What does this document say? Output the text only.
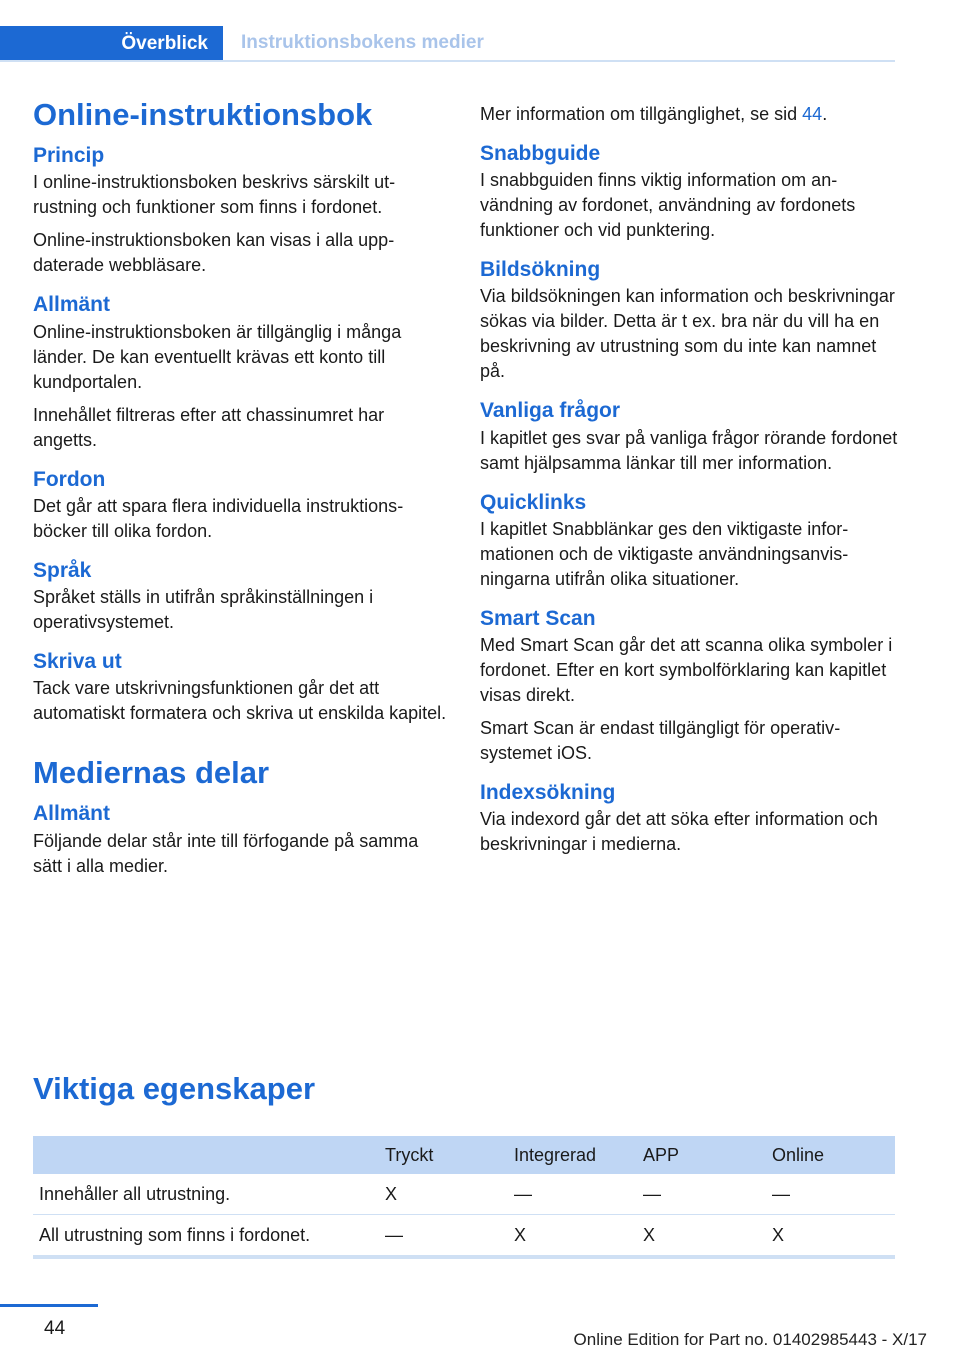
Överblick	Instruktionsbokens medier
Online-instruktionsbok
Princip

I online-instruktionsboken beskrivs särskilt utrustning och funktioner som finns i fordonet.

Online-instruktionsboken kan visas i alla uppdaterade webbläsare.

Allmänt

Online-instruktionsboken är tillgänglig i många länder. De kan eventuellt krävas ett konto till kundportalen.

Innehållet filtreras efter att chassinumret har angetts.

Fordon

Det går att spara flera individuella instruktionsböcker till olika fordon.

Språk

Språket ställs in utifrån språkinställningen i operativsystemet.

Skriva ut

Tack vare utskrivningsfunktionen går det att automatiskt formatera och skriva ut enskilda kapitel.

Mediernas delar
Allmänt

Följande delar står inte till förfogande på samma sätt i alla medier.

Mer information om tillgänglighet, se sid 44.

Snabbguide

I snabbguiden finns viktig information om användning av fordonet, användning av fordonets funktioner och vid punktering.

Bildsökning

Via bildsökningen kan information och beskrivningar sökas via bilder. Detta är t ex. bra när du vill ha en beskrivning av utrustning som du inte kan namnet på.

Vanliga frågor

I kapitlet ges svar på vanliga frågor rörande fordonet samt hjälpsamma länkar till mer information.

Quicklinks

I kapitlet Snabblänkar ges den viktigaste informationen och de viktigaste användningsanvisningarna utifrån olika situationer.

Smart Scan

Med Smart Scan går det att scanna olika symboler i fordonet. Efter en kort symbolförklaring kan kapitlet visas direkt.

Smart Scan är endast tillgängligt för operativsystemet iOS.

Indexsökning

Via indexord går det att söka efter information och beskrivningar i medierna.

Viktiga egenskaper
	Tryckt	Integrerad	APP	Online
Innehåller all utrustning.	X	—	—	—
All utrustning som finns i fordonet.	—	X	X	X
44
Online Edition for Part no. 01402985443 - X/17
